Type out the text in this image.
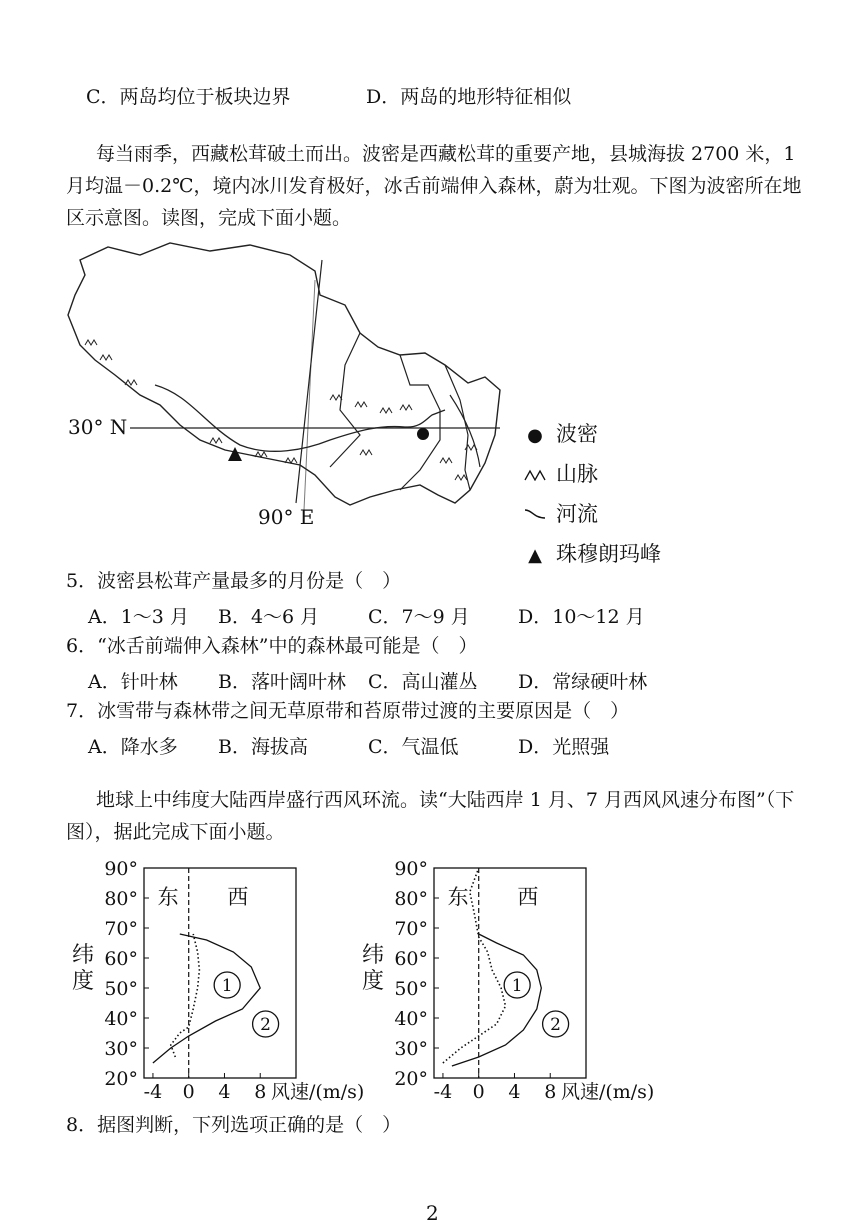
C．两岛均位于板块边界	D．两岛的地形特征相似
每当雨季，西藏松茸破土而出。波密是西藏松茸的重要产地，县城海拔 2700 米，1 月均温－0.2℃，境内冰川发育极好，冰舌前端伸入森林，蔚为壮观。下图为波密所在地区示意图。读图，完成下面小题。
30° N
90° E
● 波密
山脉
河流
▲ 珠穆朗玛峰
5．波密县松茸产量最多的月份是（　）
A．1～3 月 B．4～6 月	C．7～9 月	D．10～12 月
6．“冰舌前端伸入森林”中的森林最可能是（　）
A．针叶林 B．落叶阔叶林 C．高山灌丛 D．常绿硬叶林
7．冰雪带与森林带之间无草原带和苔原带过渡的主要原因是（　）
A．降水多 B．海拔高	C．气温低	D．光照强
地球上中纬度大陆西岸盛行西风环流。读“大陆西岸 1 月、7 月西风风速分布图”（下图），据此完成下面小题。
20°
30°
40°
50°
60°
70°
80°
90°
-4 0 4 8 风速/(m/s)
纬
度
东 西
1
2
20°
30°
40°
50°
60°
70°
80°
90°
-4 0 4 8 风速/(m/s)
纬
度
东 西
1
2
8．据图判断，下列选项正确的是（　）
2
